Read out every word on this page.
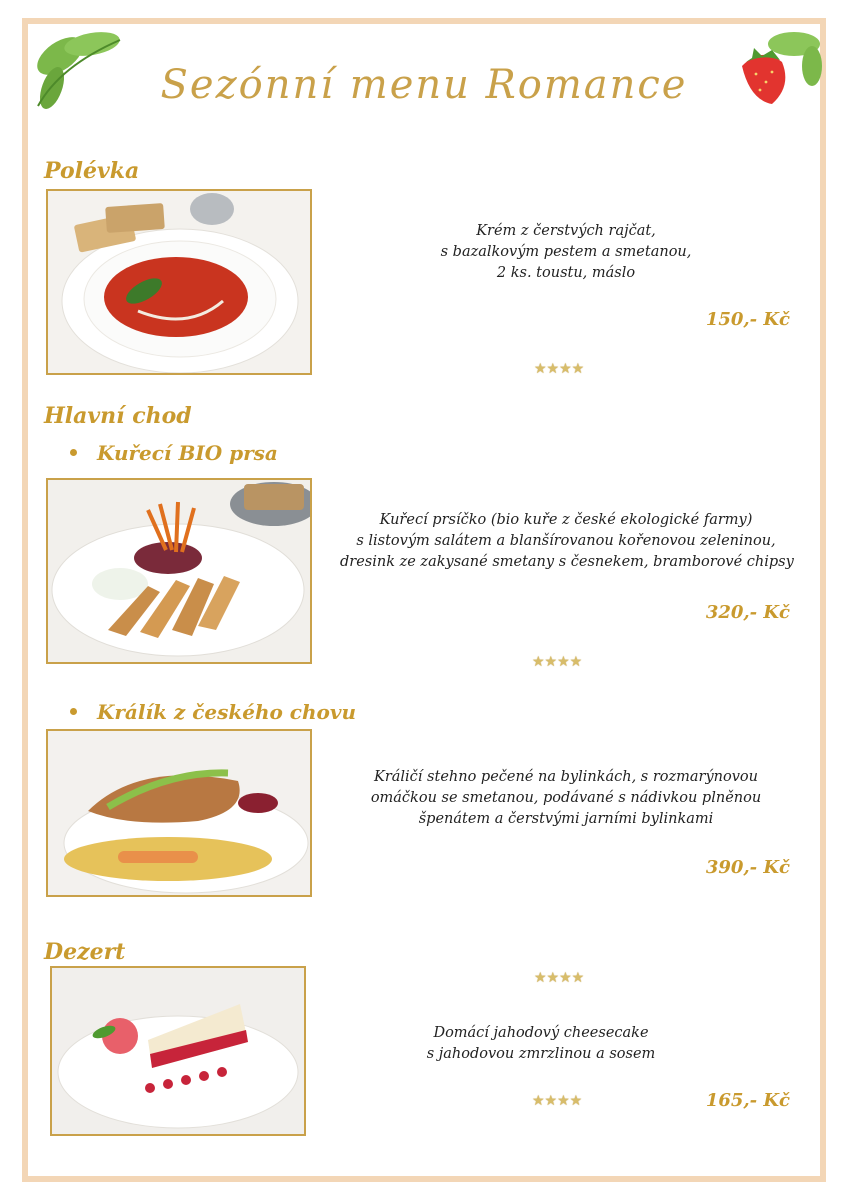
Sezónní menu Romance
Polévka
Krém z čerstvých rajčat,
s bazalkovým pestem a smetanou,
2 ks. toustu, máslo
150,- Kč
★★★★
Hlavní chod
Kuřecí BIO prsa
Kuřecí prsíčko (bio kuře z české ekologické farmy)
s listovým salátem a blanšírovanou kořenovou zeleninou,
dresink ze zakysané smetany s česnekem, bramborové chipsy
320,- Kč
★★★★
Králík z českého chovu
Králičí stehno pečené na bylinkách, s rozmarýnovou
omáčkou se smetanou, podávané s nádivkou plněnou
špenátem a čerstvými jarními bylinkami
390,- Kč
Dezert
★★★★
Domácí jahodový cheesecake
s jahodovou zmrzlinou a sosem
★★★★	165,- Kč
